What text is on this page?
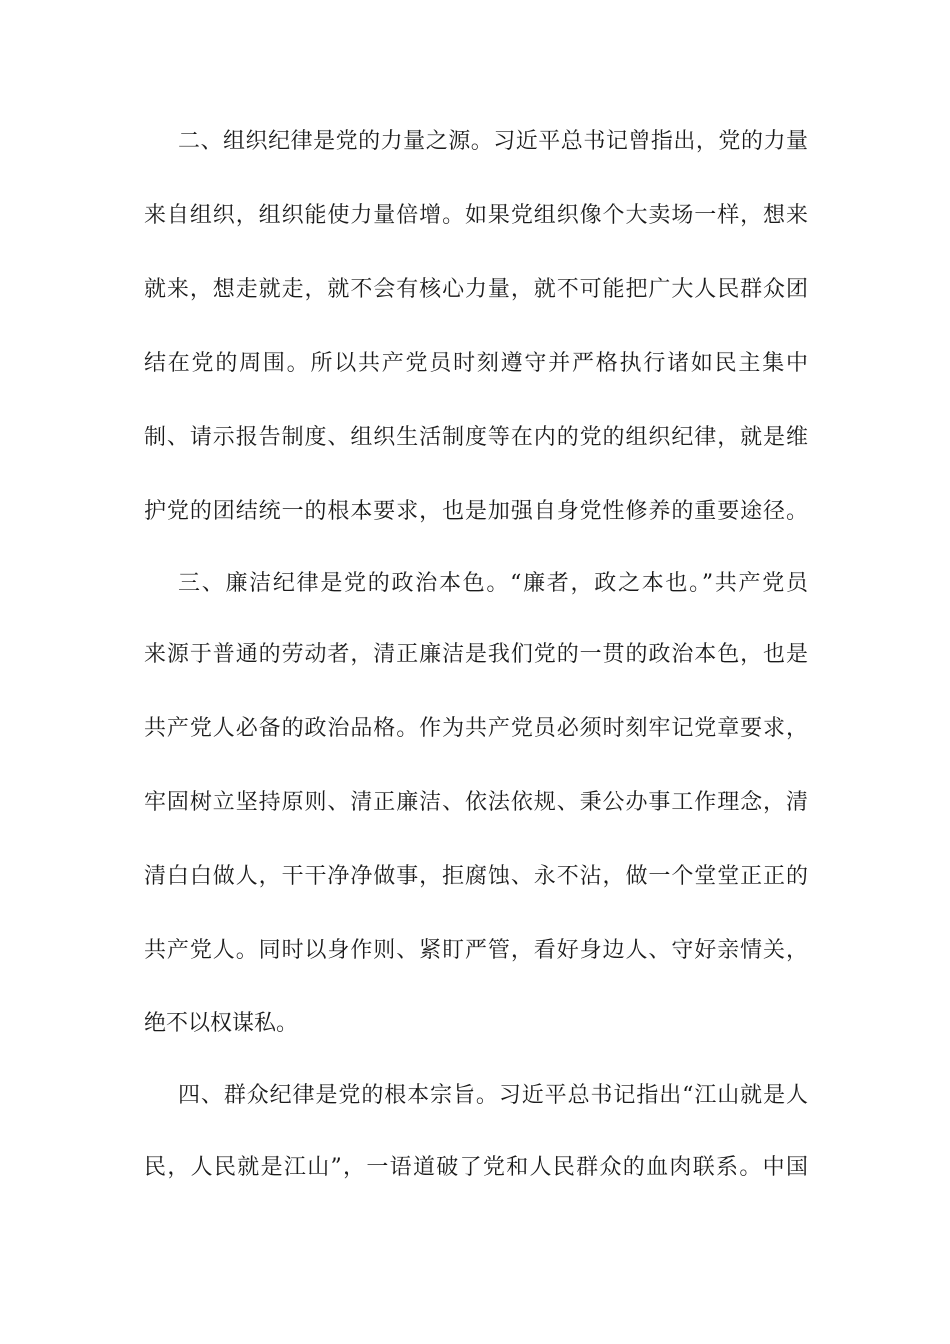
二、组织纪律是党的力量之源。习近平总书记曾指出，党的力量
来自组织，组织能使力量倍增。如果党组织像个大卖场一样，想来
就来，想走就走，就不会有核心力量，就不可能把广大人民群众团
结在党的周围。所以共产党员时刻遵守并严格执行诸如民主集中
制、请示报告制度、组织生活制度等在内的党的组织纪律，就是维
护党的团结统一的根本要求，也是加强自身党性修养的重要途径。
三、廉洁纪律是党的政治本色。“廉者，政之本也。”共产党员
来源于普通的劳动者，清正廉洁是我们党的一贯的政治本色，也是
共产党人必备的政治品格。作为共产党员必须时刻牢记党章要求，
牢固树立坚持原则、清正廉洁、依法依规、秉公办事工作理念，清
清白白做人，干干净净做事，拒腐蚀、永不沾，做一个堂堂正正的
共产党人。同时以身作则、紧盯严管，看好身边人、守好亲情关，
绝不以权谋私。
四、群众纪律是党的根本宗旨。习近平总书记指出“江山就是人
民，人民就是江山”，一语道破了党和人民群众的血肉联系。中国
